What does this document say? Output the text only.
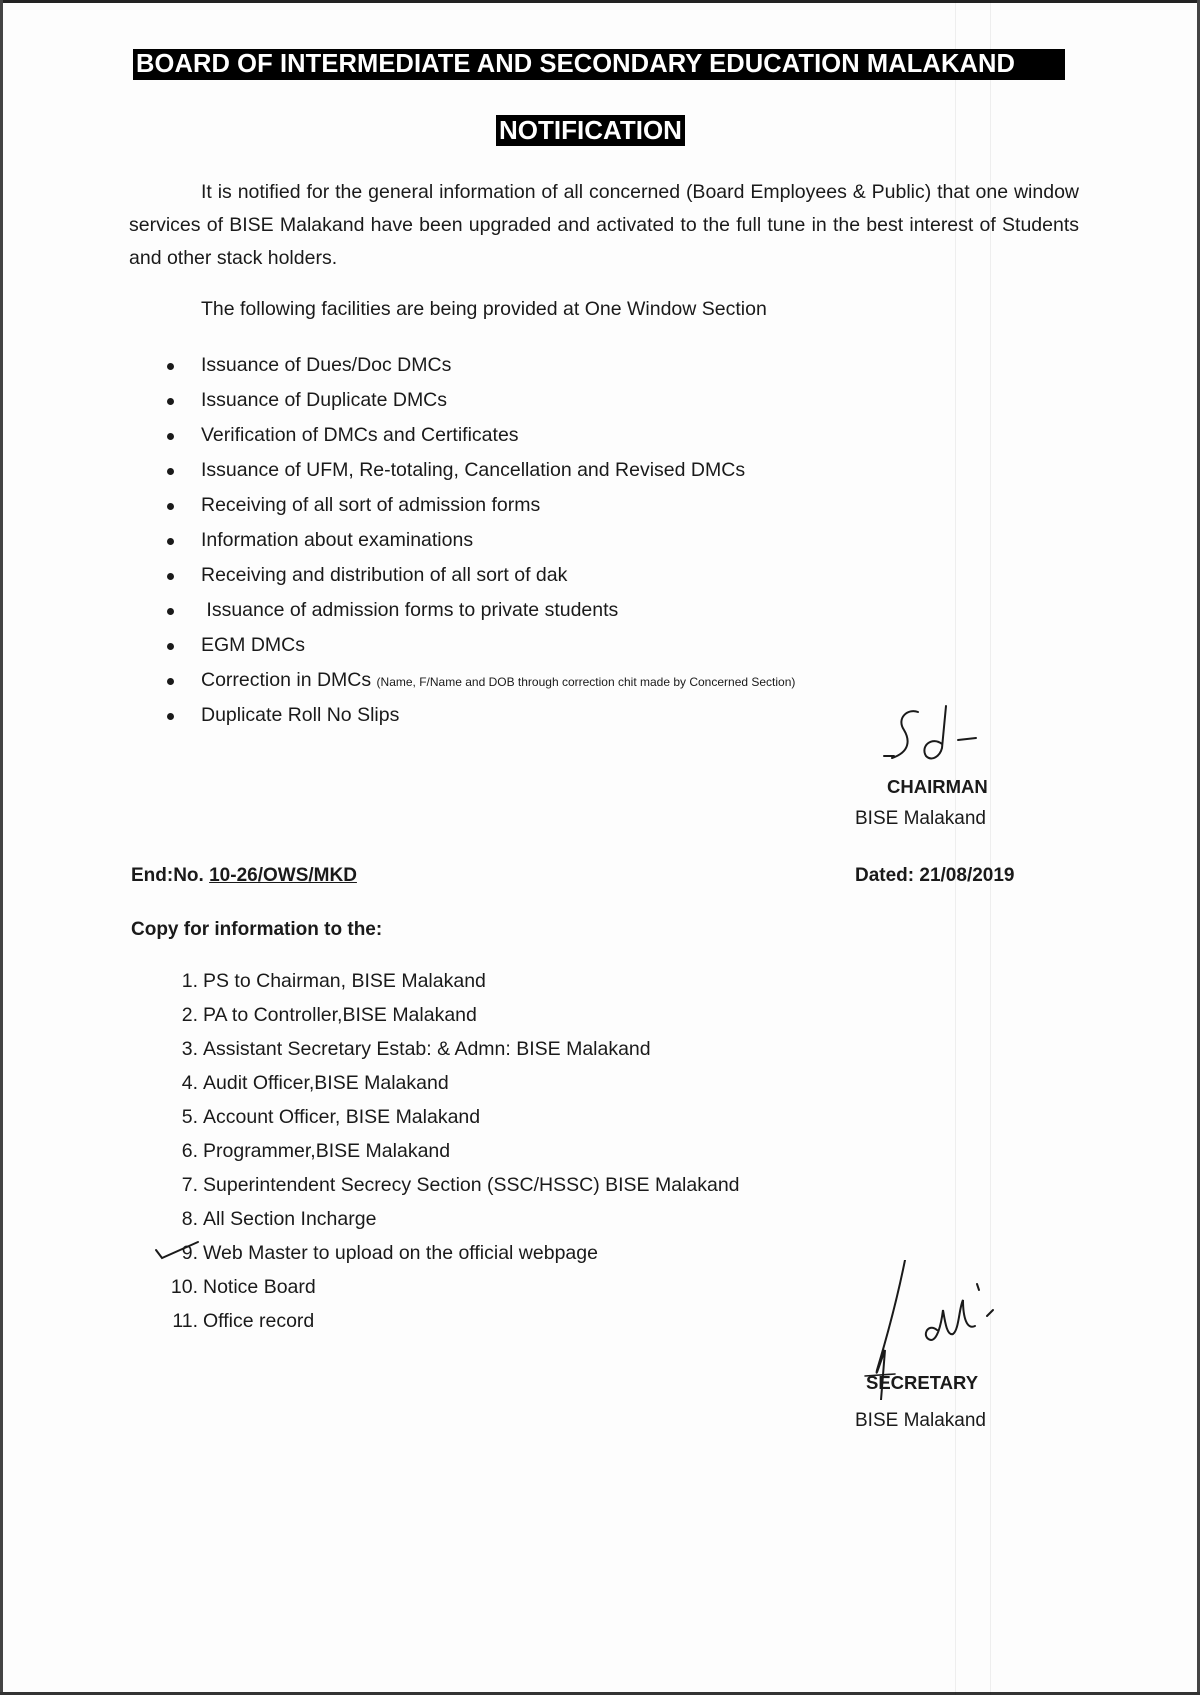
BOARD OF INTERMEDIATE AND SECONDARY EDUCATION MALAKAND
NOTIFICATION
It is notified for the general information of all concerned (Board Employees & Public) that one window services of BISE Malakand have been upgraded and activated to the full tune in the best interest of Students and other stack holders.
The following facilities are being provided at One Window Section
Issuance of Dues/Doc DMCs
Issuance of Duplicate DMCs
Verification of DMCs and Certificates
Issuance of UFM, Re-totaling, Cancellation and Revised DMCs
Receiving of all sort of admission forms
Information about examinations
Receiving and distribution of all sort of dak
Issuance of admission forms to private students
EGM DMCs
Correction in DMCs (Name, F/Name and DOB through correction chit made by Concerned Section)
Duplicate Roll No Slips
CHAIRMAN
BISE Malakand
End:No. 10-26/OWS/MKD	Dated: 21/08/2019
Copy for information to the:
1. PS to Chairman, BISE Malakand
2. PA to Controller,BISE Malakand
3. Assistant Secretary Estab: & Admn: BISE Malakand
4. Audit Officer,BISE Malakand
5. Account Officer, BISE Malakand
6. Programmer,BISE Malakand
7. Superintendent Secrecy Section (SSC/HSSC) BISE Malakand
8. All Section Incharge
9. Web Master to upload on the official webpage
10. Notice Board
11. Office record
SECRETARY
BISE Malakand
